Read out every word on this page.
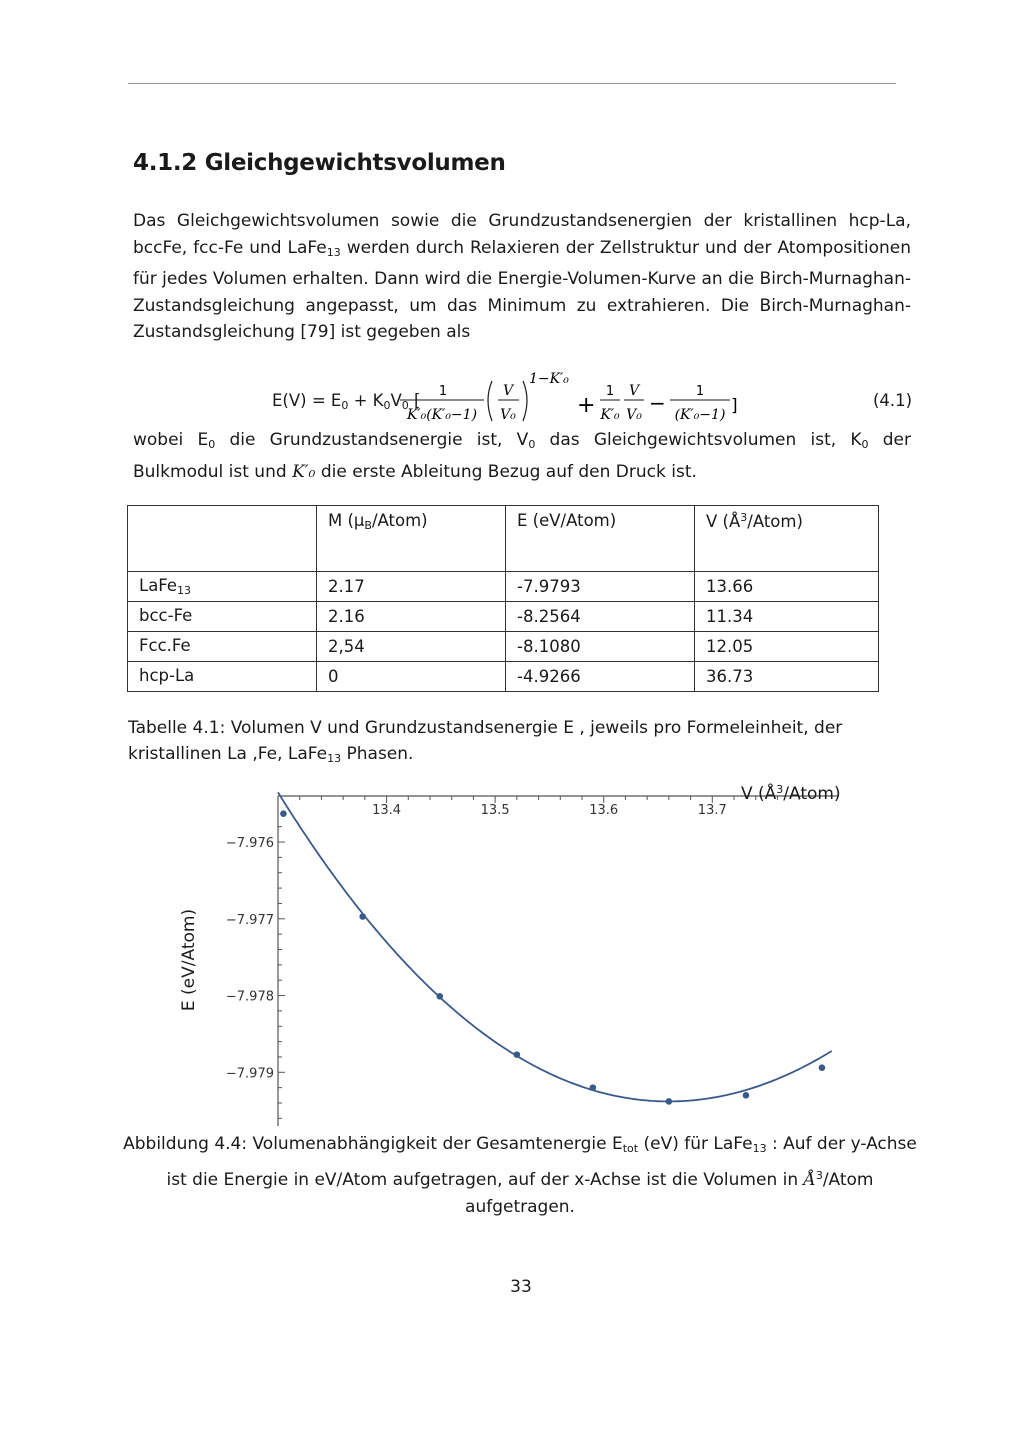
4.1.2 Gleichgewichtsvolumen
Das Gleichgewichtsvolumen sowie die Grundzustandsenergien der kristallinen hcp-La, bccFe, fcc-Fe und LaFe$_{13}$ werden durch Relaxieren der Zellstruktur und der Atompositionen für jedes Volumen erhalten. Dann wird die Energie-Volumen-Kurve an die Birch-Murnaghan-Zustandsgleichung angepasst, um das Minimum zu extrahieren. Die Birch-Murnaghan-Zustandsgleichung [79] ist gegeben als
$E(V) = E_0 + K_0V_0$ [ 1
K′₀(K′₀−1)
V
V₀
1−K′₀
+
1
K′₀
V
V₀ − 1
(K′₀−1) ]	(4.1)
wobei $E_0$ die Grundzustandsenergie ist, $V_0$ das Gleichgewichtsvolumen ist, $K_0$ der Bulkmodul ist und K′₀ die erste Ableitung Bezug auf den Druck ist.
	M $(\mu_B/Atom)$	E (eV/Atom)	V $(Å^3/Atom)$
LaFe$_{13}$	2.17	-7.9793	13.66
bcc-Fe	2.16	-8.2564	11.34
Fcc.Fe	2,54	-8.1080	12.05
hcp-La	0	-4.9266	36.73
Tabelle 4.1: Volumen V und Grundzustandsenergie E , jeweils pro Formeleinheit, der kristallinen La ,Fe, LaFe$_{13}$ Phasen.
13.4	13.5	13.6	13.7
−7.976
−7.977
−7.978
−7.979
V $(Å^3/Atom)$
E (eV/Atom)
Abbildung 4.4: Volumenabhängigkeit der Gesamtenergie $E_{tot}$ (eV) für LaFe$_{13}$ : Auf der y-Achse ist die Energie in eV/Atom aufgetragen, auf der x-Achse ist die Volumen in $Å^3$/Atom aufgetragen.
33
